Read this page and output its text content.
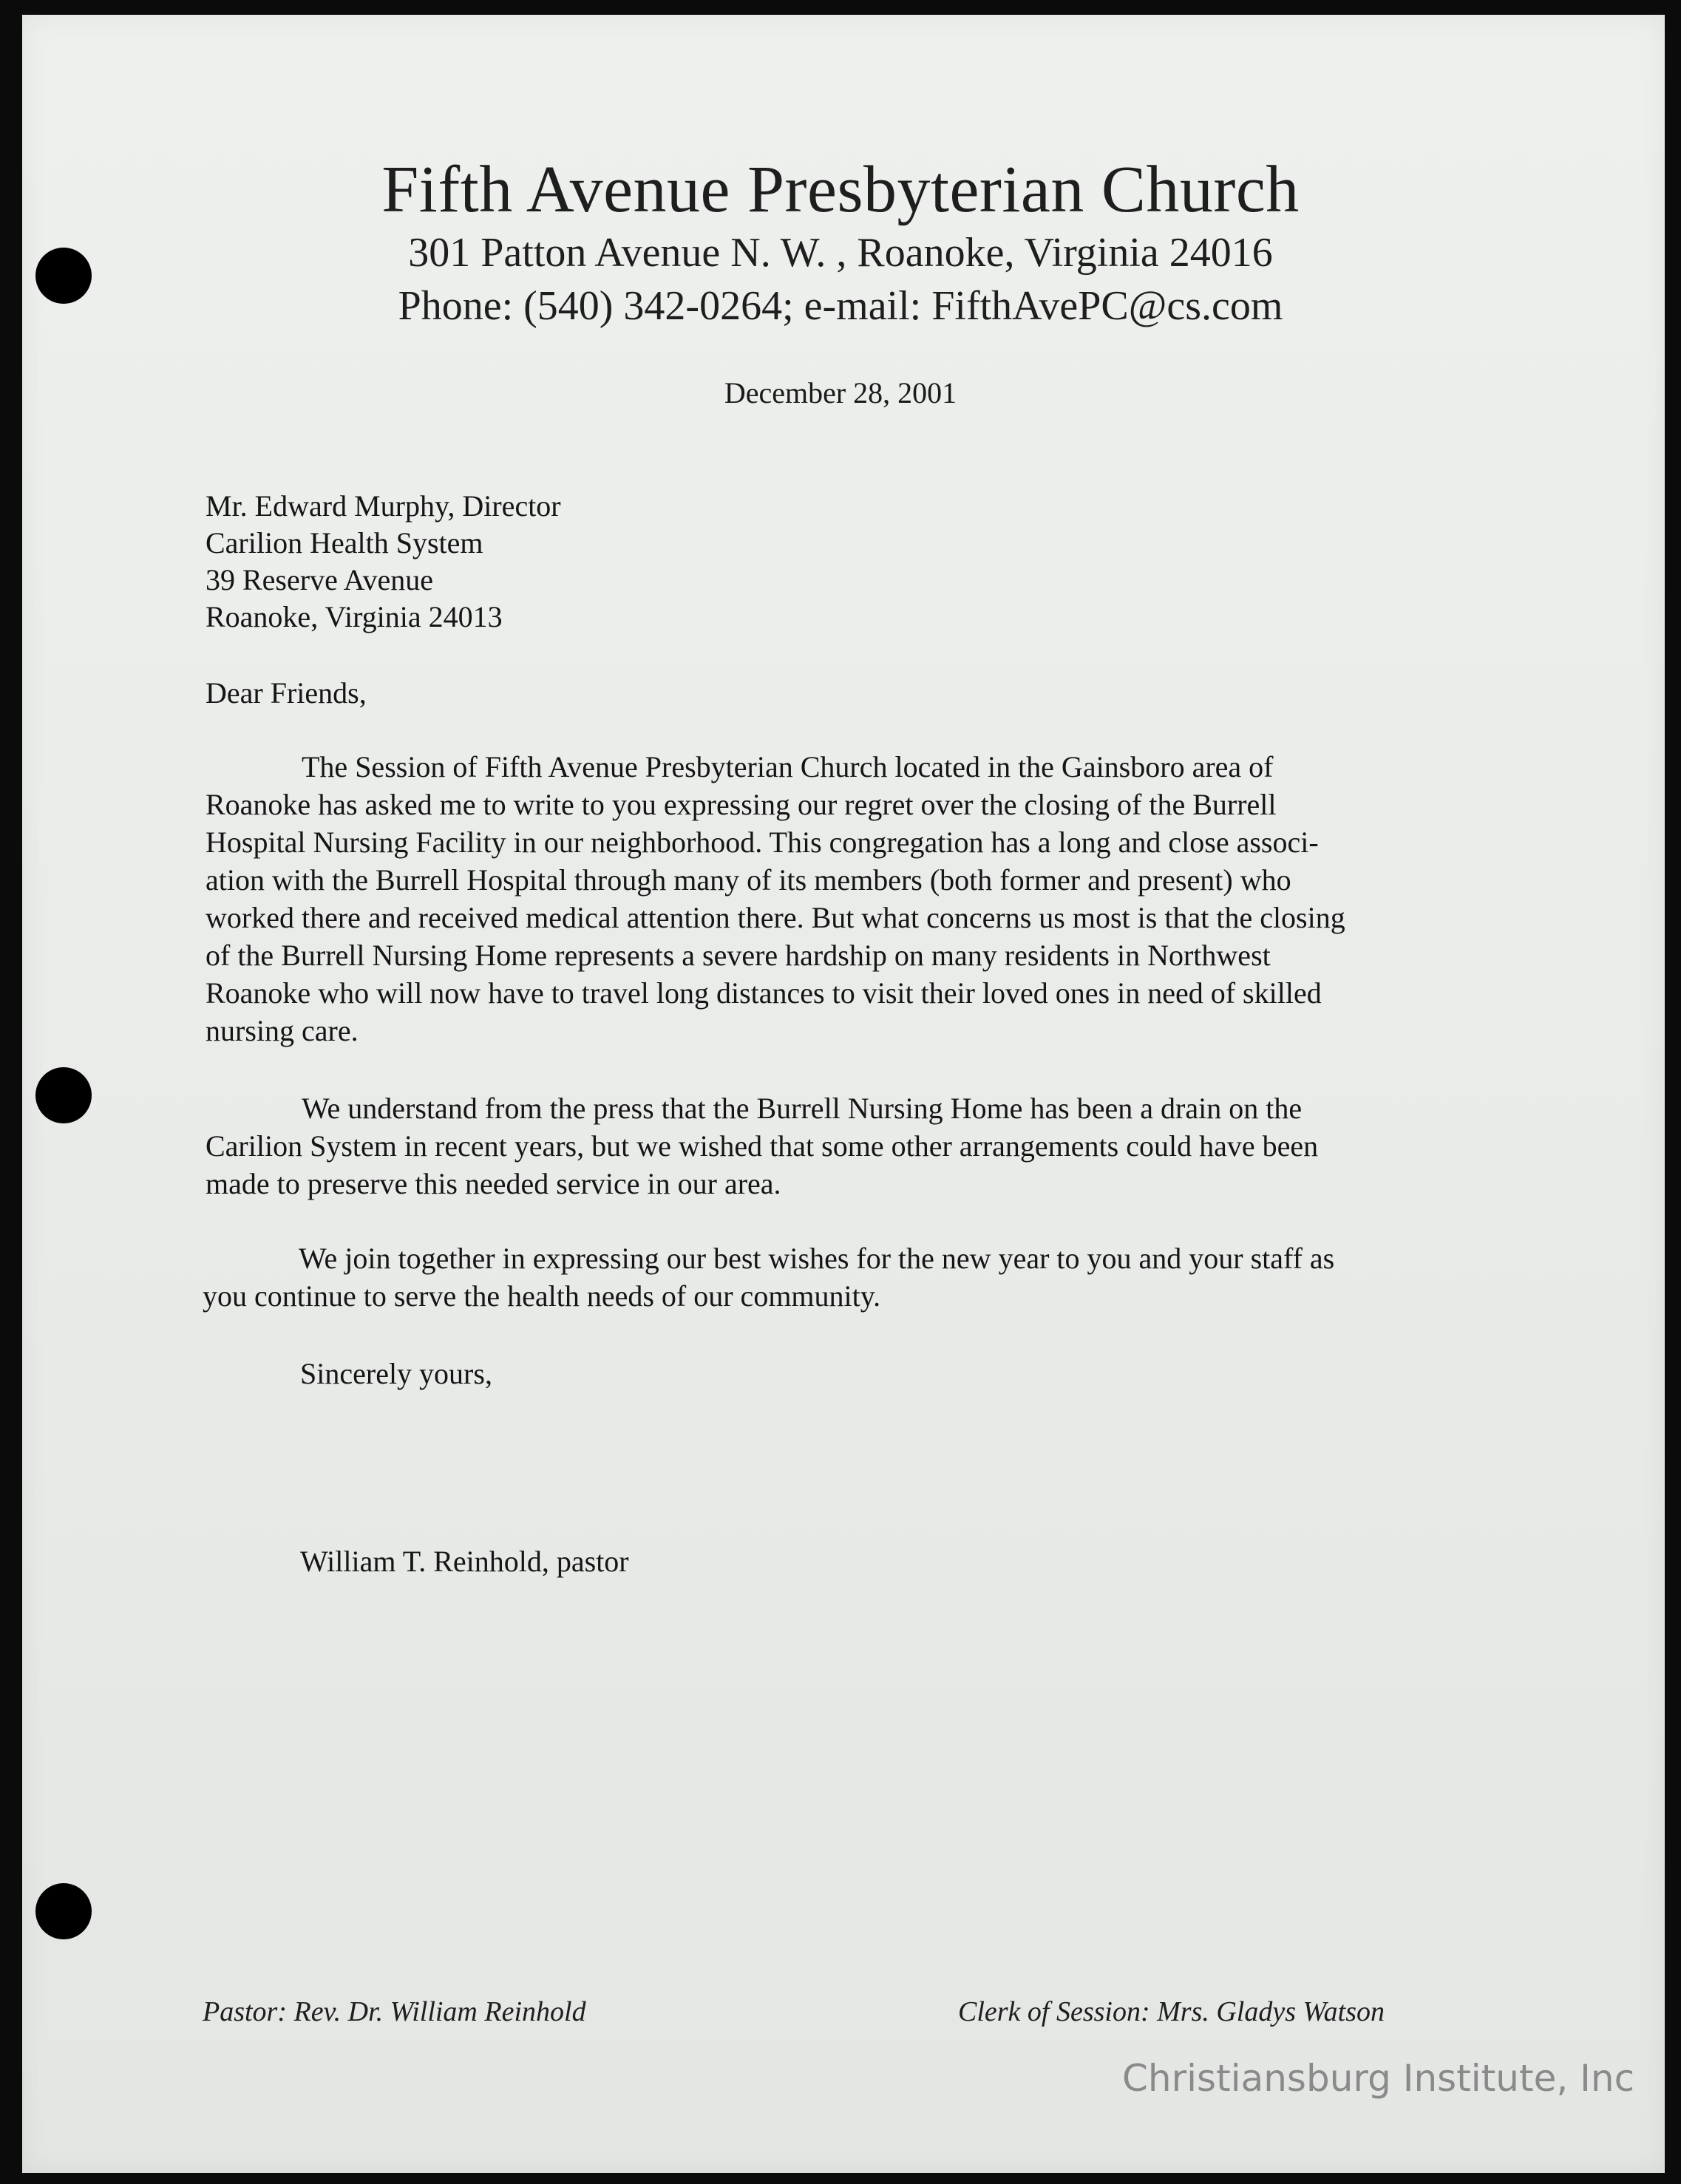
Fifth Avenue Presbyterian Church
301 Patton Avenue N. W. , Roanoke, Virginia 24016
Phone: (540) 342-0264; e-mail: FifthAvePC@cs.com
December 28, 2001
Mr. Edward Murphy, Director
Carilion Health System
39 Reserve Avenue
Roanoke, Virginia 24013
Dear Friends,
The Session of Fifth Avenue Presbyterian Church located in the Gainsboro area of
Roanoke has asked me to write to you expressing our regret over the closing of the Burrell
Hospital Nursing Facility in our neighborhood. This congregation has a long and close associ-
ation with the Burrell Hospital through many of its members (both former and present) who
worked there and received medical attention there. But what concerns us most is that the closing
of the Burrell Nursing Home represents a severe hardship on many residents in Northwest
Roanoke who will now have to travel long distances to visit their loved ones in need of skilled
nursing care.
We understand from the press that the Burrell Nursing Home has been a drain on the
Carilion System in recent years, but we wished that some other arrangements could have been
made to preserve this needed service in our area.
We join together in expressing our best wishes for the new year to you and your staff as
you continue to serve the health needs of our community.
Sincerely yours,
William T. Reinhold, pastor
Pastor: Rev. Dr. William Reinhold	Clerk of Session: Mrs. Gladys Watson
Christiansburg Institute, Inc
